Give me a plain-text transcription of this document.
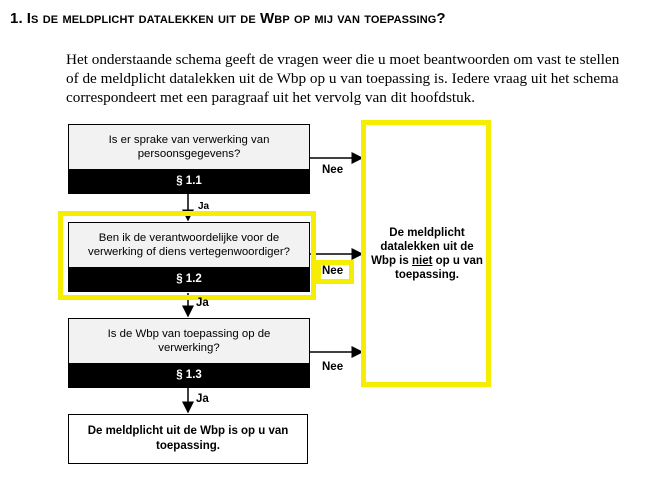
1. Is de meldplicht datalekken uit de Wbp op mij van toepassing?
Het onderstaande schema geeft de vragen weer die u moet beantwoorden om vast te stellen of de meldplicht datalekken uit de Wbp op u van toepassing is. Iedere vraag uit het schema correspondeert met een paragraaf uit het vervolg van dit hoofdstuk.
Is er sprake van verwerking van persoonsgegevens?
§ 1.1
Ben ik de verantwoordelijke voor de verwerking of diens vertegenwoordiger?
§ 1.2
Is de Wbp van toepassing op de verwerking?
§ 1.3
Ja
Ja
Ja
Nee
Nee
Nee
De meldplicht datalekken uit de Wbp is niet op u van toepassing.
De meldplicht uit de Wbp is op u van toepassing.
